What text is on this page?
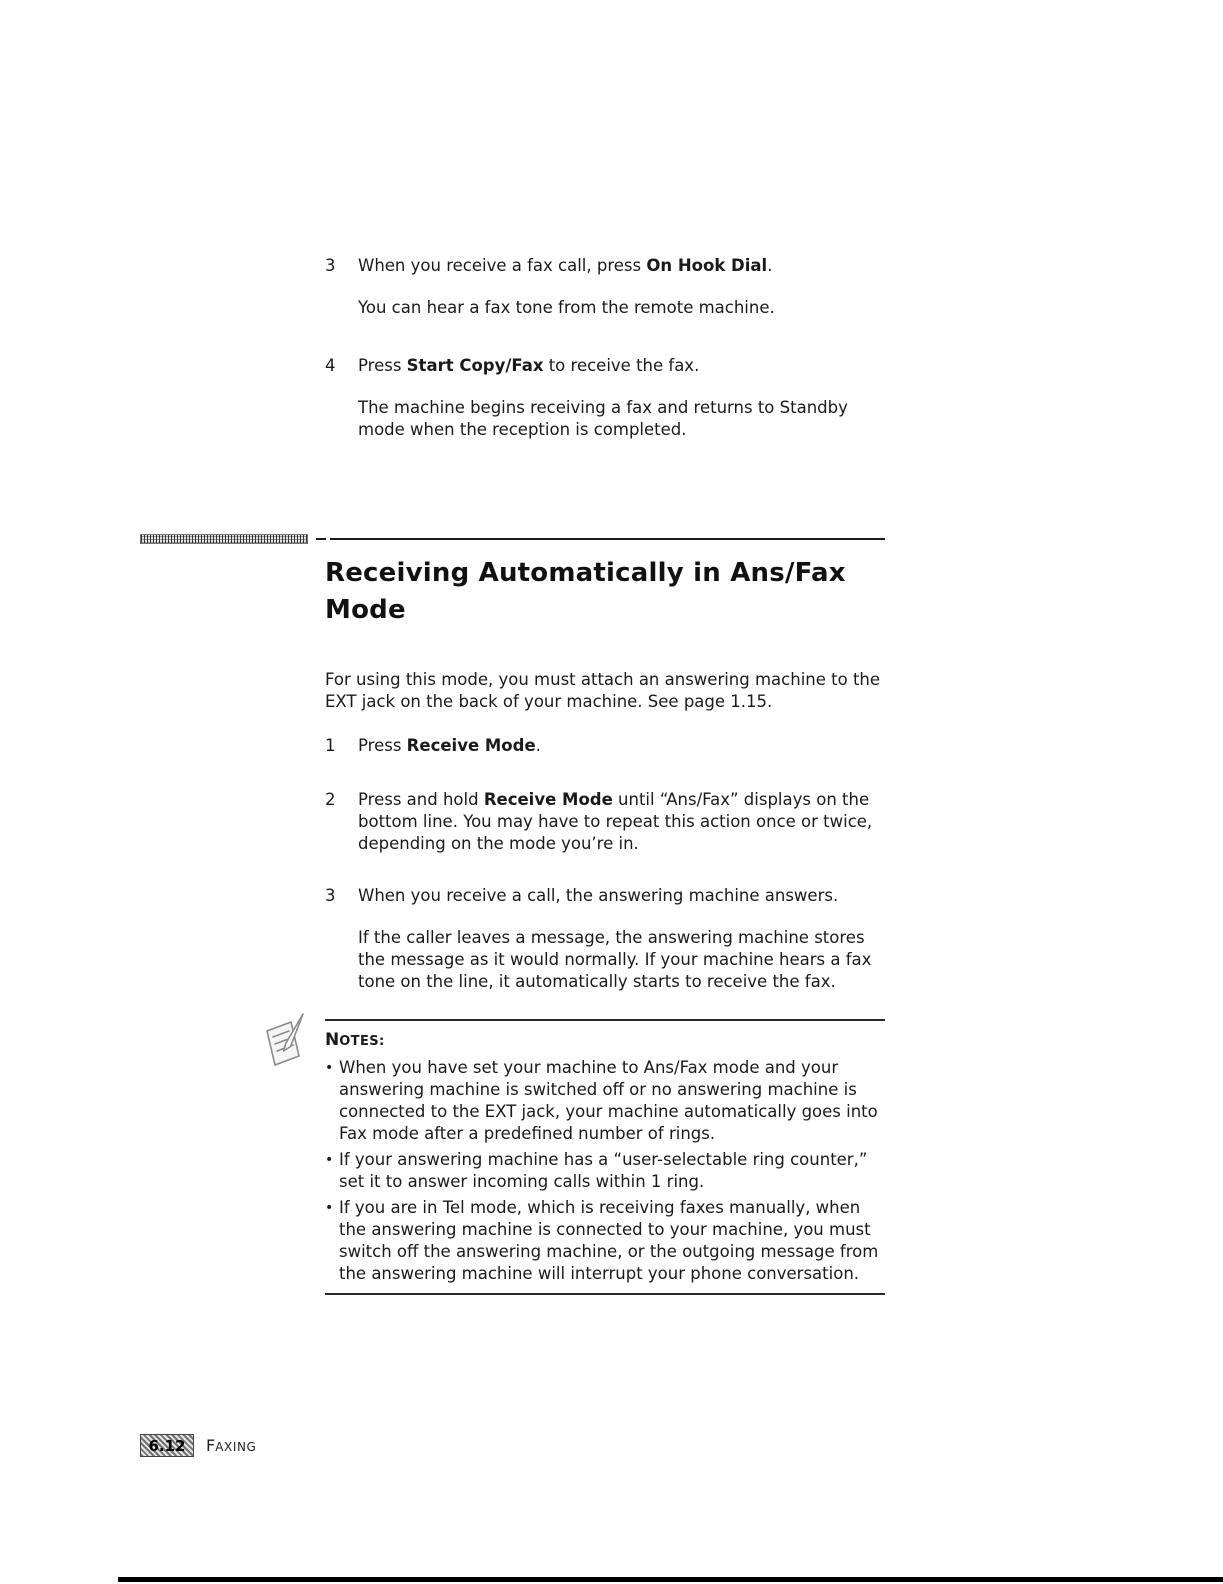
3	When you receive a fax call, press On Hook Dial.

You can hear a fax tone from the remote machine.

4	Press Start Copy/Fax to receive the fax.

The machine begins receiving a fax and returns to Standby mode when the reception is completed.

Receiving Automatically in Ans/Fax Mode

For using this mode, you must attach an answering machine to the EXT jack on the back of your machine. See page 1.15.

1	Press Receive Mode.

2	Press and hold Receive Mode until “Ans/Fax” displays on the bottom line. You may have to repeat this action once or twice, depending on the mode you’re in.

3	When you receive a call, the answering machine answers.

If the caller leaves a message, the answering machine stores the message as it would normally. If your machine hears a fax tone on the line, it automatically starts to receive the fax.

NOTES:

• When you have set your machine to Ans/Fax mode and your answering machine is switched off or no answering machine is connected to the EXT jack, your machine automatically goes into Fax mode after a predefined number of rings.
• If your answering machine has a “user-selectable ring counter,” set it to answer incoming calls within 1 ring.
• If you are in Tel mode, which is receiving faxes manually, when the answering machine is connected to your machine, you must switch off the answering machine, or the outgoing message from the answering machine will interrupt your phone conversation.
6.12	FAXING
